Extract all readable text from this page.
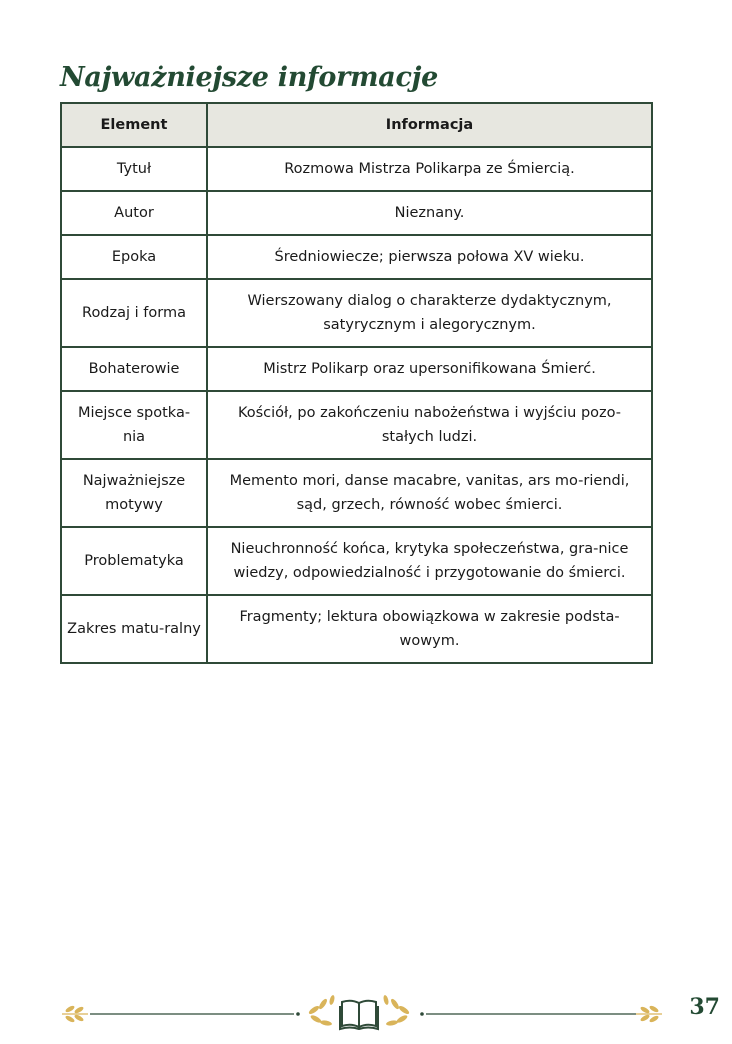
Najważniejsze informacje
Element	Informacja
Tytuł	Rozmowa Mistrza Polikarpa ze Śmiercią.
Autor	Nieznany.
Epoka	Średniowiecze; pierwsza połowa XV wieku.
Rodzaj i forma	Wierszowany dialog o charakterze dydaktycznym, satyrycznym i alegorycznym.
Bohaterowie	Mistrz Polikarp oraz upersonifikowana Śmierć.
Miejsce spotka-nia	Kościół, po zakończeniu nabożeństwa i wyjściu pozo-stałych ludzi.
Najważniejsze motywy	Memento mori, danse macabre, vanitas, ars mo-riendi, sąd, grzech, równość wobec śmierci.
Problematyka	Nieuchronność końca, krytyka społeczeństwa, gra-nice wiedzy, odpowiedzialność i przygotowanie do śmierci.
Zakres matu-ralny	Fragmenty; lektura obowiązkowa w zakresie podsta-wowym.
37
